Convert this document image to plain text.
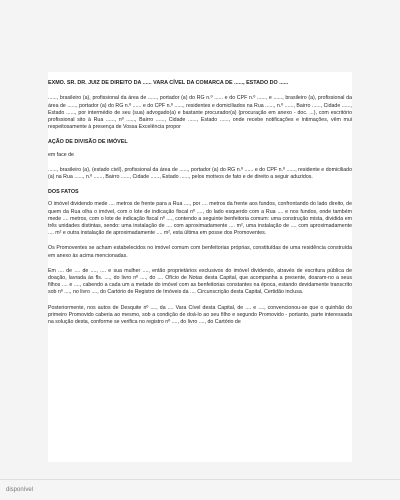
EXMO. SR. DR. JUIZ DE DIREITO DA ...... VARA CÍVEL DA COMARCA DE ......, ESTADO DO ......

......, brasileiro (a), profissional da área de ......, portador (a) do RG n.º ...... e do CPF n.º ......, e ......, brasileiro (a), profissional da área de ......, portador (a) do RG n.º ...... e do CPF n.º ......, residentes e domiciliados na Rua ......, n.º ......, Bairro ......, Cidade ......, Estado ......, por intermédio de seu (sua) advogado(a) e bastante procurador(a) (procuração em anexo - doc. ...), com escritório profissional sito à Rua ......, nº ......, Bairro ......, Cidade ......, Estado ......, onde recebe notificações e intimações, vêm mui respeitosamente à presença de Vossa Excelência propor

AÇÃO DE DIVISÃO DE IMÓVEL
em face de

......, brasileiro (a), (estado civil), profissional da área de ......, portador (a) do RG n.º ...... e do CPF n.º ......, residente e domiciliado (a) na Rua ......, n.º ......, Bairro ......, Cidade ......, Estado ......, pelos motivos de fato e de direito a seguir aduzidos.

DOS FATOS

O imóvel dividendo mede .... metros de frente para a Rua ...., por .... metros da frente aos fundos, confrontando do lado direito, de quem da Rua olha o imóvel, com o lote de indicação fiscal nº ...., do lado esquerdo com a Rua .... e nos fundos, onde também mede .... metros, com o lote de indicação fiscal nº ...., contendo a seguinte benfeitoria comum: uma construção mista, dividida em três unidades distintas, sendo: uma instalação de .... com aproximadamente .... m², uma instalação de .... com aproximadamente .... m² e outra instalação de aproximadamente .... m², esta última em posse dos Promoventes.

Os Promoventes se acham estabelecidos no imóvel comum com benfeitorias próprias, constituídas de uma residência construída em anexo às acima mencionadas.

Em .... de .... de ...., .... e sua mulher ...., então proprietários exclusivos do imóvel dividendo, através de escritura pública de doação, lavrada às fls. ...., do livro nº ...., do .... Ofício de Notas desta Capital, que acompanha a presente, doaram-no a seus filhos .... e ...., cabendo a cada um a metade do imóvel com as benfeitorias constantes na época, estando devidamente transcrito sob nº ...., no livro ...., do Cartório de Registro de Imóveis da .... Circunscrição desta Capital, Certidão inclusa.

Posteriormente, nos autos de Desquite nº ...., da .... Vara Cível desta Capital, de .... e ...., convencionou-se que o quinhão do primeiro Promovido caberia ao mesmo, sob a condição de doá-lo ao seu filho e segundo Promovido - portanto, parte interessada na solução desta, conforme se verifica no registro nº ...., do livro ...., do Cartório de

disponível
